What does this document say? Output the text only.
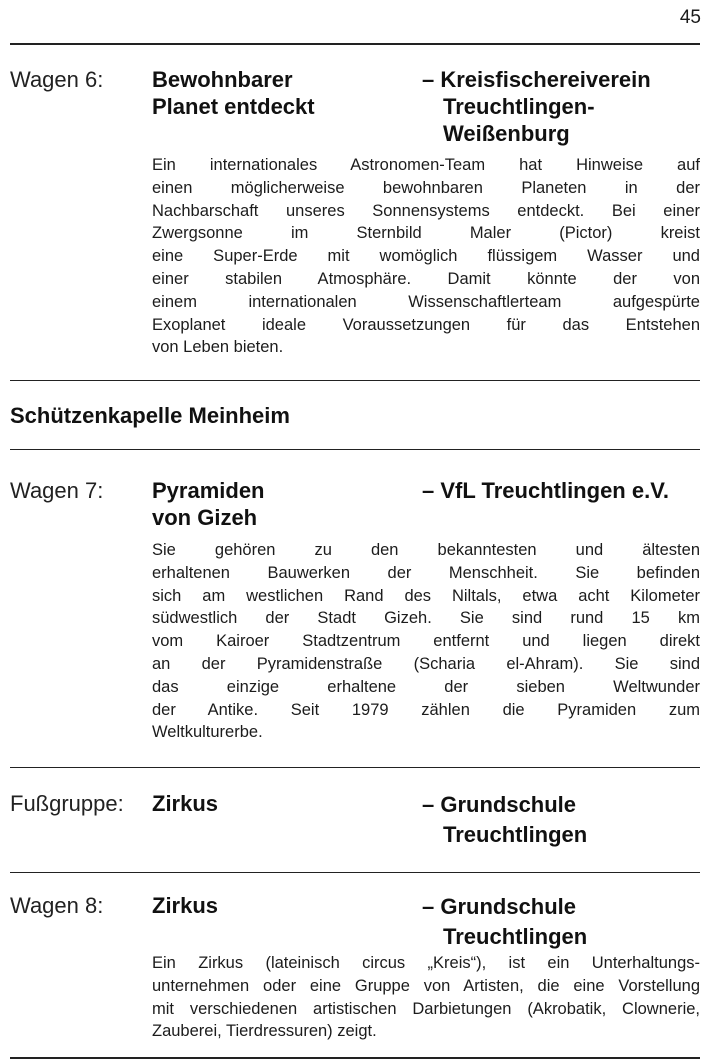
45
Wagen 6: Bewohnbarer
Planet entdeckt
– Kreisfischereiverein
Treuchtlingen-
Weißenburg
Ein internationales Astronomen-Team hat Hinweise auf
einen möglicherweise bewohnbaren Planeten in der
Nachbarschaft unseres Sonnensystems entdeckt. Bei einer
Zwergsonne im Sternbild Maler (Pictor) kreist
eine Super-Erde mit womöglich flüssigem Wasser und
einer stabilen Atmosphäre. Damit könnte der von
einem internationalen Wissenschaftlerteam aufgespürte
Exoplanet ideale Voraussetzungen für das Entstehen
von Leben bieten.
Schützenkapelle Meinheim
Wagen 7: Pyramiden
von Gizeh
– VfL Treuchtlingen e.V.
Sie gehören zu den bekanntesten und ältesten
erhaltenen Bauwerken der Menschheit. Sie befinden
sich am westlichen Rand des Niltals, etwa acht Kilometer
südwestlich der Stadt Gizeh. Sie sind rund 15 km
vom Kairoer Stadtzentrum entfernt und liegen direkt
an der Pyramidenstraße (Scharia el-Ahram). Sie sind
das einzige erhaltene der sieben Weltwunder
der Antike. Seit 1979 zählen die Pyramiden zum
Weltkulturerbe.
Fußgruppe: Zirkus	– Grundschule
Treuchtlingen
Wagen 8: Zirkus	– Grundschule
Treuchtlingen
Ein Zirkus (lateinisch circus „Kreis“), ist ein Unterhaltungs-
unternehmen oder eine Gruppe von Artisten, die eine Vorstellung
mit verschiedenen artistischen Darbietungen (Akrobatik, Clownerie,
Zauberei, Tierdressuren) zeigt.
